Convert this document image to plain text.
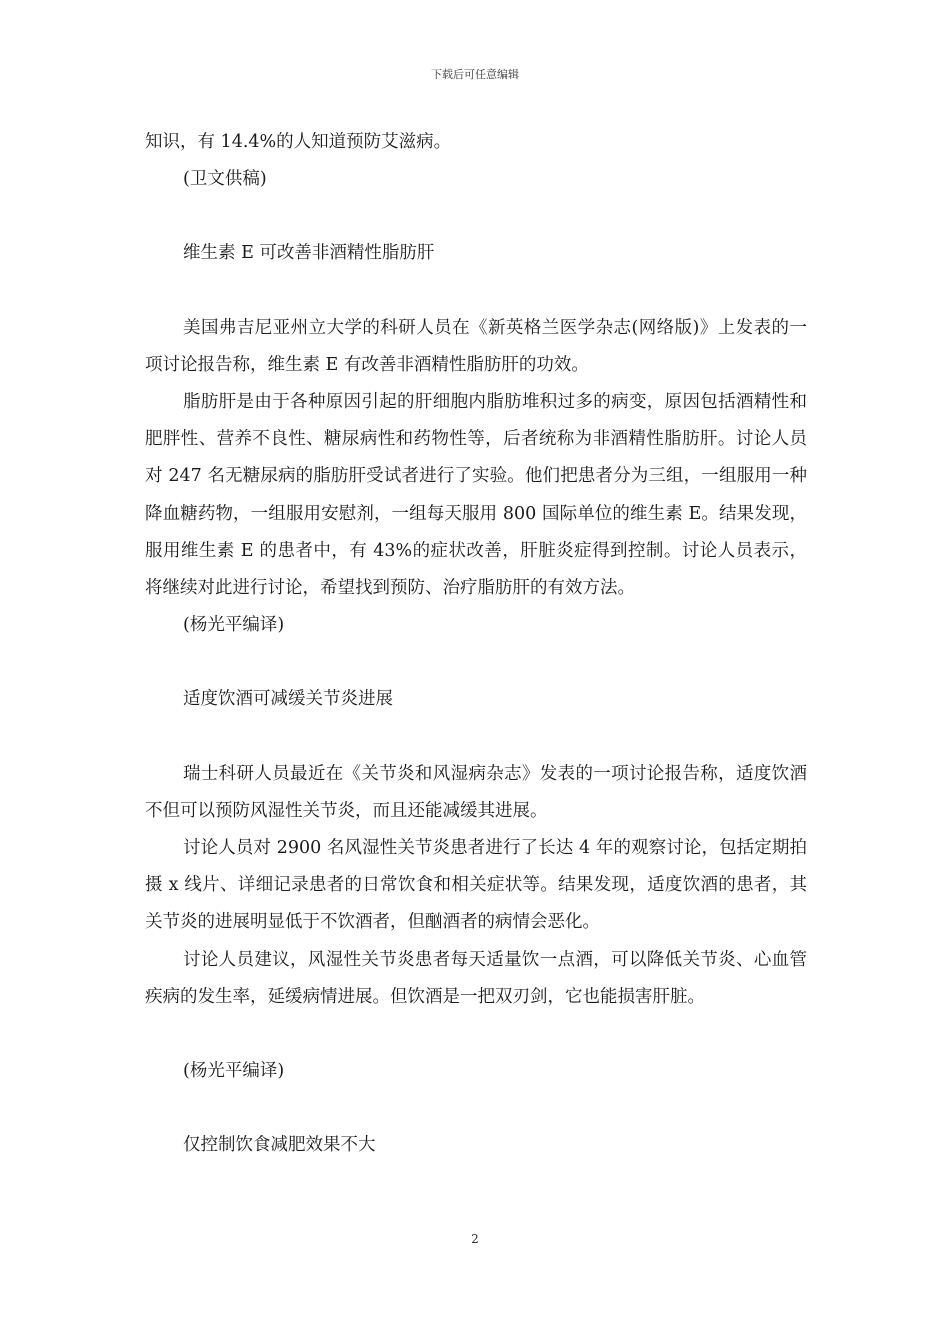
下载后可任意编辑

知识，有 14.4%的人知道预防艾滋病。

(卫文供稿)

维生素 E 可改善非酒精性脂肪肝

美国弗吉尼亚州立大学的科研人员在《新英格兰医学杂志(网络版)》上发表的一项讨论报告称，维生素 E 有改善非酒精性脂肪肝的功效。

脂肪肝是由于各种原因引起的肝细胞内脂肪堆积过多的病变，原因包括酒精性和肥胖性、营养不良性、糖尿病性和药物性等，后者统称为非酒精性脂肪肝。讨论人员对 247 名无糖尿病的脂肪肝受试者进行了实验。他们把患者分为三组，一组服用一种降血糖药物，一组服用安慰剂，一组每天服用 800 国际单位的维生素 E。结果发现，服用维生素 E 的患者中，有 43%的症状改善，肝脏炎症得到控制。讨论人员表示，将继续对此进行讨论，希望找到预防、治疗脂肪肝的有效方法。

(杨光平编译)

适度饮酒可减缓关节炎进展

瑞士科研人员最近在《关节炎和风湿病杂志》发表的一项讨论报告称，适度饮酒不但可以预防风湿性关节炎，而且还能减缓其进展。

讨论人员对 2900 名风湿性关节炎患者进行了长达 4 年的观察讨论，包括定期拍摄 x 线片、详细记录患者的日常饮食和相关症状等。结果发现，适度饮酒的患者，其关节炎的进展明显低于不饮酒者，但酗酒者的病情会恶化。

讨论人员建议，风湿性关节炎患者每天适量饮一点酒，可以降低关节炎、心血管疾病的发生率，延缓病情进展。但饮酒是一把双刃剑，它也能损害肝脏。

(杨光平编译)

仅控制饮食减肥效果不大

2
